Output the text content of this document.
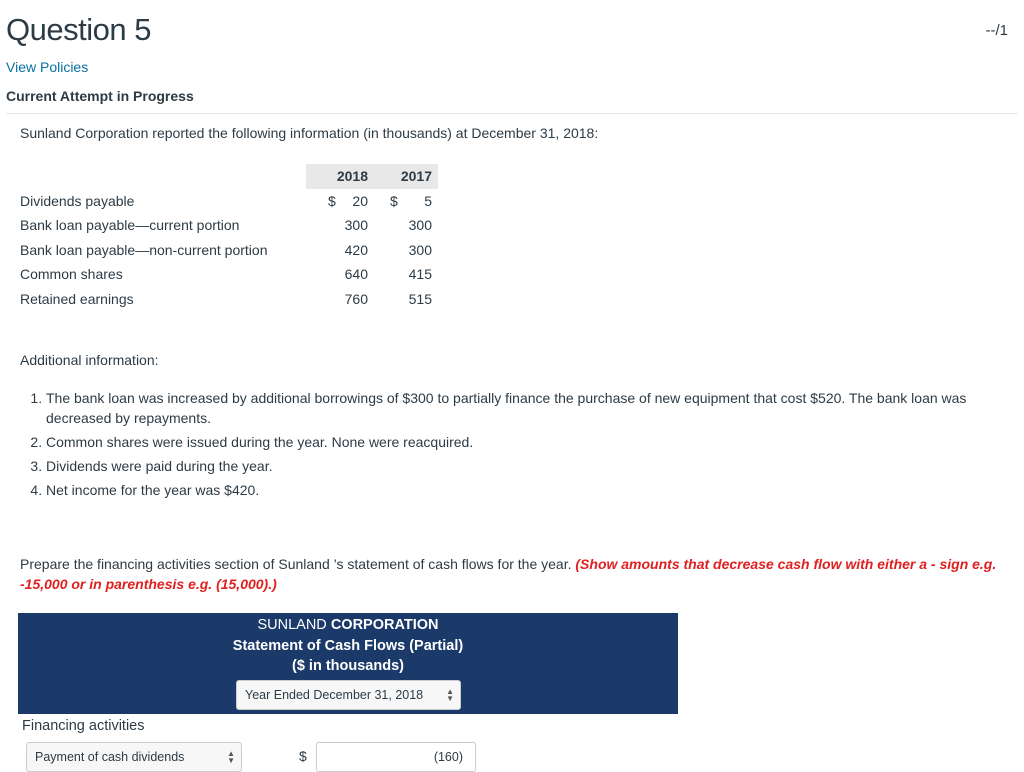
Question 5	--/1
View Policies
Current Attempt in Progress
Sunland Corporation reported the following information (in thousands) at December 31, 2018:
	2018	2017
Dividends payable	$ 20	$ 5

Bank loan payable—current portion	300	300

Bank loan payable—non-current portion	420	300

Common shares	640	415

Retained earnings	760	515
Additional information:
1. The bank loan was increased by additional borrowings of $300 to partially finance the purchase of new equipment that cost $520. The bank loan was decreased by repayments.
2. Common shares were issued during the year. None were reacquired.
3. Dividends were paid during the year.
4. Net income for the year was $420.
Prepare the financing activities section of Sunland ’s statement of cash flows for the year. (Show amounts that decrease cash flow with either a - sign e.g. -15,000 or in parenthesis e.g. (15,000).)
SUNLAND CORPORATION
Statement of Cash Flows (Partial)
($ in thousands)
Year Ended December 31, 2018	▲
▼
Financing activities
Payment of cash dividends	▲
▼	$	(160)
